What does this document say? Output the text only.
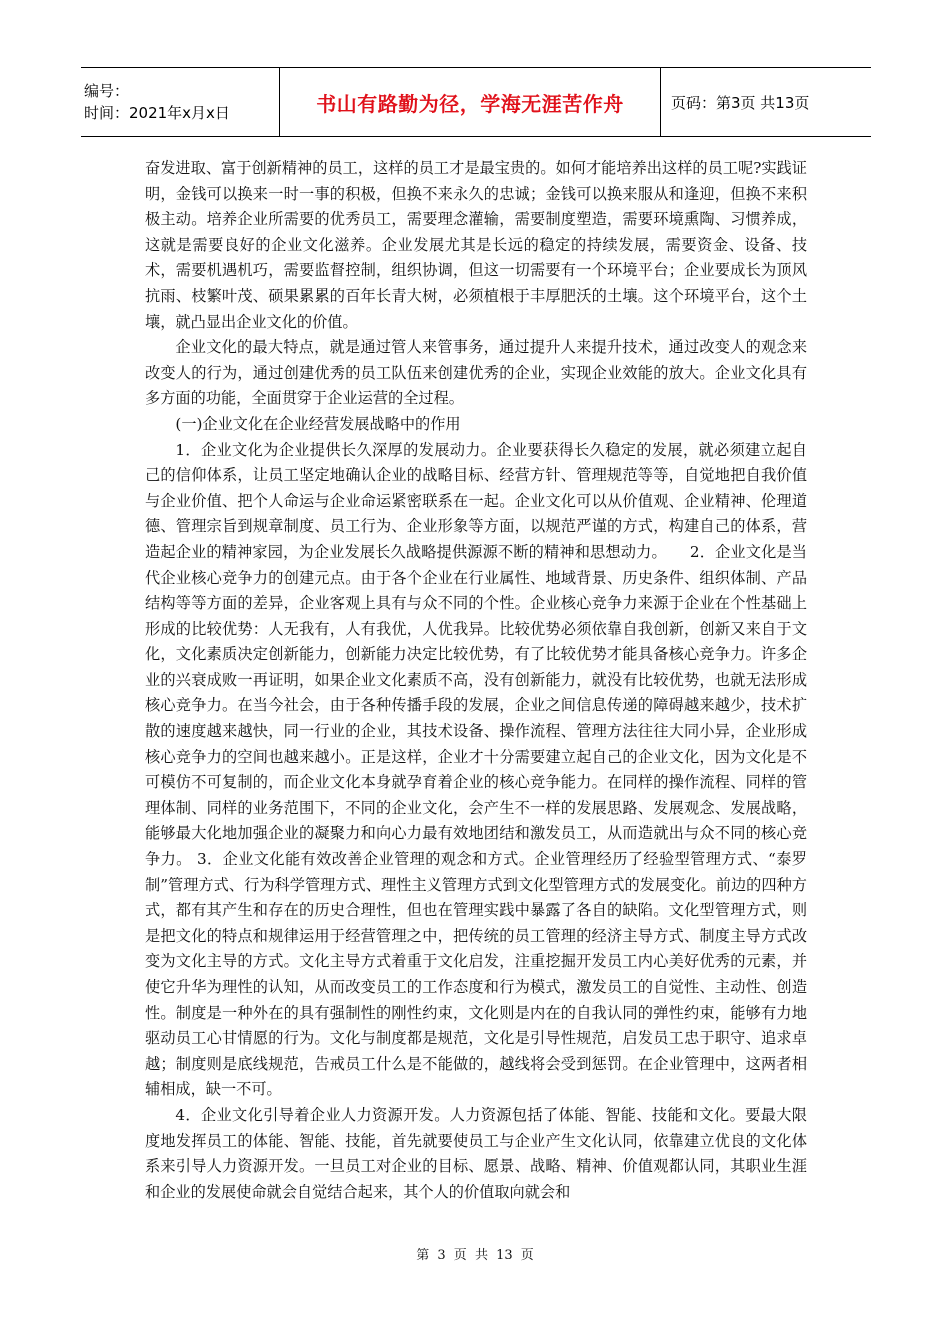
编号：
时间：2021年x月x日	书山有路勤为径，学海无涯苦作舟	页码：第3页 共13页

奋发进取、富于创新精神的员工，这样的员工才是最宝贵的。如何才能培养出这样的员工呢?实践证明，金钱可以换来一时一事的积极，但换不来永久的忠诚；金钱可以换来服从和逢迎，但换不来积极主动。培养企业所需要的优秀员工，需要理念灌输，需要制度塑造，需要环境熏陶、习惯养成，这就是需要良好的企业文化滋养。企业发展尤其是长远的稳定的持续发展，需要资金、设备、技术，需要机遇机巧，需要监督控制，组织协调，但这一切需要有一个环境平台；企业要成长为顶风抗雨、枝繁叶茂、硕果累累的百年长青大树，必须植根于丰厚肥沃的土壤。这个环境平台，这个土壤，就凸显出企业文化的价值。

企业文化的最大特点，就是通过管人来管事务，通过提升人来提升技术，通过改变人的观念来改变人的行为，通过创建优秀的员工队伍来创建优秀的企业，实现企业效能的放大。企业文化具有多方面的功能，全面贯穿于企业运营的全过程。

(一)企业文化在企业经营发展战略中的作用

1．企业文化为企业提供长久深厚的发展动力。企业要获得长久稳定的发展，就必须建立起自己的信仰体系，让员工坚定地确认企业的战略目标、经营方针、管理规范等等，自觉地把自我价值与企业价值、把个人命运与企业命运紧密联系在一起。企业文化可以从价值观、企业精神、伦理道德、管理宗旨到规章制度、员工行为、企业形象等方面，以规范严谨的方式，构建自己的体系，营造起企业的精神家园，为企业发展长久战略提供源源不断的精神和思想动力。　　2．企业文化是当代企业核心竞争力的创建元点。由于各个企业在行业属性、地域背景、历史条件、组织体制、产品结构等等方面的差异，企业客观上具有与众不同的个性。企业核心竞争力来源于企业在个性基础上形成的比较优势：人无我有，人有我优，人优我异。比较优势必须依靠自我创新，创新又来自于文化，文化素质决定创新能力，创新能力决定比较优势，有了比较优势才能具备核心竞争力。许多企业的兴衰成败一再证明，如果企业文化素质不高，没有创新能力，就没有比较优势，也就无法形成核心竞争力。在当今社会，由于各种传播手段的发展，企业之间信息传递的障碍越来越少，技术扩散的速度越来越快，同一行业的企业，其技术设备、操作流程、管理方法往往大同小异，企业形成核心竞争力的空间也越来越小。正是这样，企业才十分需要建立起自己的企业文化，因为文化是不可模仿不可复制的，而企业文化本身就孕育着企业的核心竞争能力。在同样的操作流程、同样的管理体制、同样的业务范围下，不同的企业文化，会产生不一样的发展思路、发展观念、发展战略，能够最大化地加强企业的凝聚力和向心力最有效地团结和激发员工，从而造就出与众不同的核心竞争力。 3．企业文化能有效改善企业管理的观念和方式。企业管理经历了经验型管理方式、“泰罗制”管理方式、行为科学管理方式、理性主义管理方式到文化型管理方式的发展变化。前边的四种方式，都有其产生和存在的历史合理性，但也在管理实践中暴露了各自的缺陷。文化型管理方式，则是把文化的特点和规律运用于经营管理之中，把传统的员工管理的经济主导方式、制度主导方式改变为文化主导的方式。文化主导方式着重于文化启发，注重挖掘开发员工内心美好优秀的元素，并使它升华为理性的认知，从而改变员工的工作态度和行为模式，激发员工的自觉性、主动性、创造性。制度是一种外在的具有强制性的刚性约束，文化则是内在的自我认同的弹性约束，能够有力地驱动员工心甘情愿的行为。文化与制度都是规范，文化是引导性规范，启发员工忠于职守、追求卓越；制度则是底线规范，告戒员工什么是不能做的，越线将会受到惩罚。在企业管理中，这两者相辅相成，缺一不可。

4．企业文化引导着企业人力资源开发。人力资源包括了体能、智能、技能和文化。要最大限度地发挥员工的体能、智能、技能，首先就要使员工与企业产生文化认同，依靠建立优良的文化体系来引导人力资源开发。一旦员工对企业的目标、愿景、战略、精神、价值观都认同，其职业生涯和企业的发展使命就会自觉结合起来，其个人的价值取向就会和

第 3 页 共 13 页
